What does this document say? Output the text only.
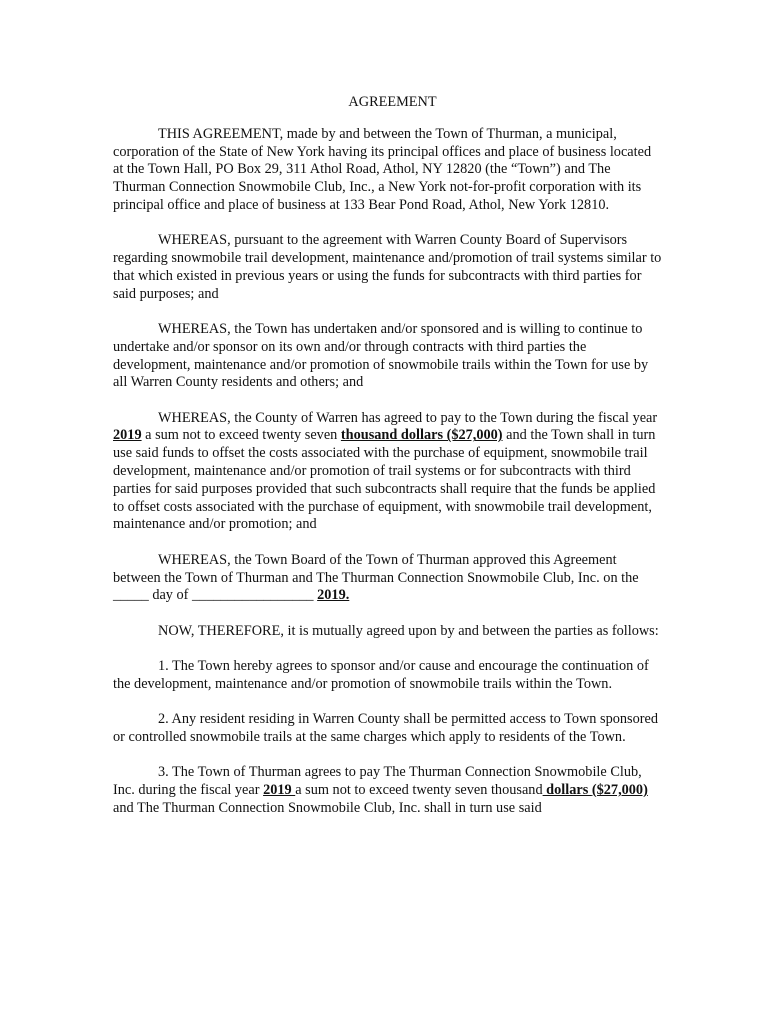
AGREEMENT

THIS AGREEMENT, made by and between the Town of Thurman, a municipal, corporation of the State of New York having its principal offices and place of business located at the Town Hall, PO Box 29, 311 Athol Road, Athol, NY 12820 (the “Town”) and The Thurman Connection Snowmobile Club, Inc., a New York not-for-profit corporation with its principal office and place of business at 133 Bear Pond Road, Athol, New York 12810.

WHEREAS, pursuant to the agreement with Warren County Board of Supervisors regarding snowmobile trail development, maintenance and/promotion of trail systems similar to that which existed in previous years or using the funds for subcontracts with third parties for said purposes; and

WHEREAS, the Town has undertaken and/or sponsored and is willing to continue to undertake and/or sponsor on its own and/or through contracts with third parties the development, maintenance and/or promotion of snowmobile trails within the Town for use by all Warren County residents and others; and

WHEREAS, the County of Warren has agreed to pay to the Town during the fiscal year 2019 a sum not to exceed twenty seven thousand dollars ($27,000) and the Town shall in turn use said funds to offset the costs associated with the purchase of equipment, snowmobile trail development, maintenance and/or promotion of trail systems or for subcontracts with third parties for said purposes provided that such subcontracts shall require that the funds be applied to offset costs associated with the purchase of equipment, with snowmobile trail development, maintenance and/or promotion; and

WHEREAS, the Town Board of the Town of Thurman approved this Agreement between the Town of Thurman and The Thurman Connection Snowmobile Club, Inc. on the _____ day of _________________ 2019.

NOW, THEREFORE, it is mutually agreed upon by and between the parties as follows:

1. The Town hereby agrees to sponsor and/or cause and encourage the continuation of the development, maintenance and/or promotion of snowmobile trails within the Town.

2. Any resident residing in Warren County shall be permitted access to Town sponsored or controlled snowmobile trails at the same charges which apply to residents of the Town.

3. The Town of Thurman agrees to pay The Thurman Connection Snowmobile Club, Inc. during the fiscal year 2019 a sum not to exceed twenty seven thousand dollars ($27,000) and The Thurman Connection Snowmobile Club, Inc. shall in turn use said
